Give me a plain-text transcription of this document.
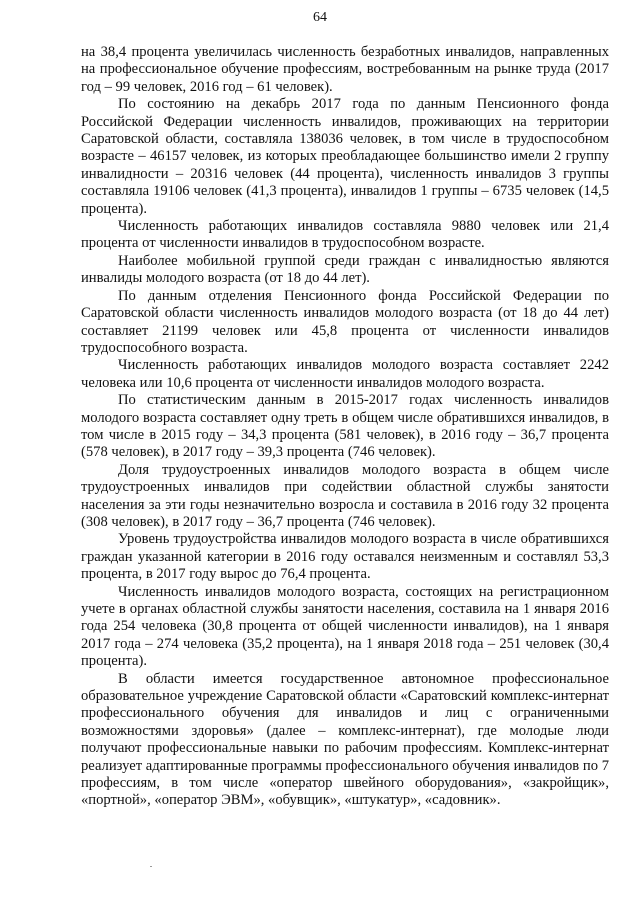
64

на 38,4 процента увеличилась численность безработных инвалидов, направленных на профессиональное обучение профессиям, востребованным на рынке труда (2017 год – 99 человек, 2016 год – 61 человек).

По состоянию на декабрь 2017 года по данным Пенсионного фонда Российской Федерации численность инвалидов, проживающих на территории Саратовской области, составляла 138036 человек, в том числе в трудоспособном возрасте – 46157 человек, из которых преобладающее большинство имели 2 группу инвалидности – 20316 человек (44 процента), численность инвалидов 3 группы составляла 19106 человек (41,3 процента), инвалидов 1 группы – 6735 человек (14,5 процента).

Численность работающих инвалидов составляла 9880 человек или 21,4 процента от численности инвалидов в трудоспособном возрасте.

Наиболее мобильной группой среди граждан с инвалидностью являются инвалиды молодого возраста (от 18 до 44 лет).

По данным отделения Пенсионного фонда Российской Федерации по Саратовской области численность инвалидов молодого возраста (от 18 до 44 лет) составляет 21199 человек или 45,8 процента от численности инвалидов трудоспособного возраста.

Численность работающих инвалидов молодого возраста составляет 2242 человека или 10,6 процента от численности инвалидов молодого возраста.

По статистическим данным в 2015-2017 годах численность инвалидов молодого возраста составляет одну треть в общем числе обратившихся инвалидов, в том числе в 2015 году – 34,3 процента (581 человек), в 2016 году – 36,7 процента (578 человек), в 2017 году – 39,3 процента (746 человек).

Доля трудоустроенных инвалидов молодого возраста в общем числе трудоустроенных инвалидов при содействии областной службы занятости населения за эти годы незначительно возросла и составила в 2016 году 32 процента (308 человек), в 2017 году – 36,7 процента (746 человек).

Уровень трудоустройства инвалидов молодого возраста в числе обратившихся граждан указанной категории в 2016 году оставался неизменным и составлял 53,3 процента, в 2017 году вырос до 76,4 процента.

Численность инвалидов молодого возраста, состоящих на регистрационном учете в органах областной службы занятости населения, составила на 1 января 2016 года 254 человека (30,8 процента от общей численности инвалидов), на 1 января 2017 года – 274 человека (35,2 процента), на 1 января 2018 года – 251 человек (30,4 процента).

В области имеется государственное автономное профессиональное образовательное учреждение Саратовской области «Саратовский комплекс-интернат профессионального обучения для инвалидов и лиц с ограниченными возможностями здоровья» (далее – комплекс-интернат), где молодые люди получают профессиональные навыки по рабочим профессиям. Комплекс-интернат реализует адаптированные программы профессионального обучения инвалидов по 7 профессиям, в том числе «оператор швейного оборудования», «закройщик», «портной», «оператор ЭВМ», «обувщик», «штукатур», «садовник».
